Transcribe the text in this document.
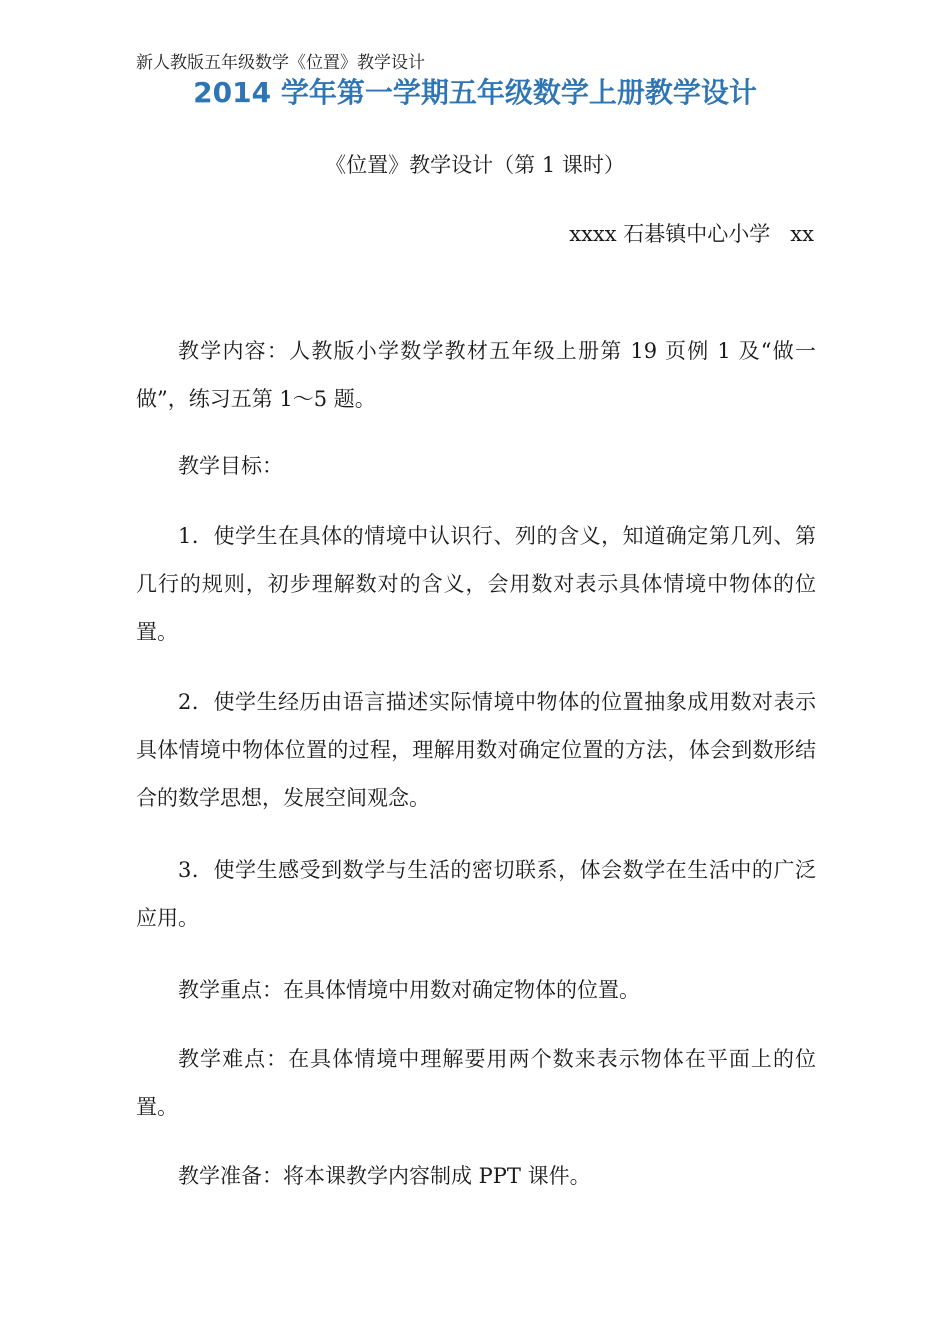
新人教版五年级数学《位置》教学设计
2014 学年第一学期五年级数学上册教学设计
《位置》教学设计（第 1 课时）
xxxx 石碁镇中心小学   xx

教学内容：人教版小学数学教材五年级上册第 19 页例 1 及“做一做”，练习五第 1～5 题。

教学目标：

1．使学生在具体的情境中认识行、列的含义，知道确定第几列、第几行的规则，初步理解数对的含义，会用数对表示具体情境中物体的位置。

2．使学生经历由语言描述实际情境中物体的位置抽象成用数对表示具体情境中物体位置的过程，理解用数对确定位置的方法，体会到数形结合的数学思想，发展空间观念。

3．使学生感受到数学与生活的密切联系，体会数学在生活中的广泛应用。

教学重点：在具体情境中用数对确定物体的位置。

教学难点：在具体情境中理解要用两个数来表示物体在平面上的位置。

教学准备：将本课教学内容制成 PPT 课件。
